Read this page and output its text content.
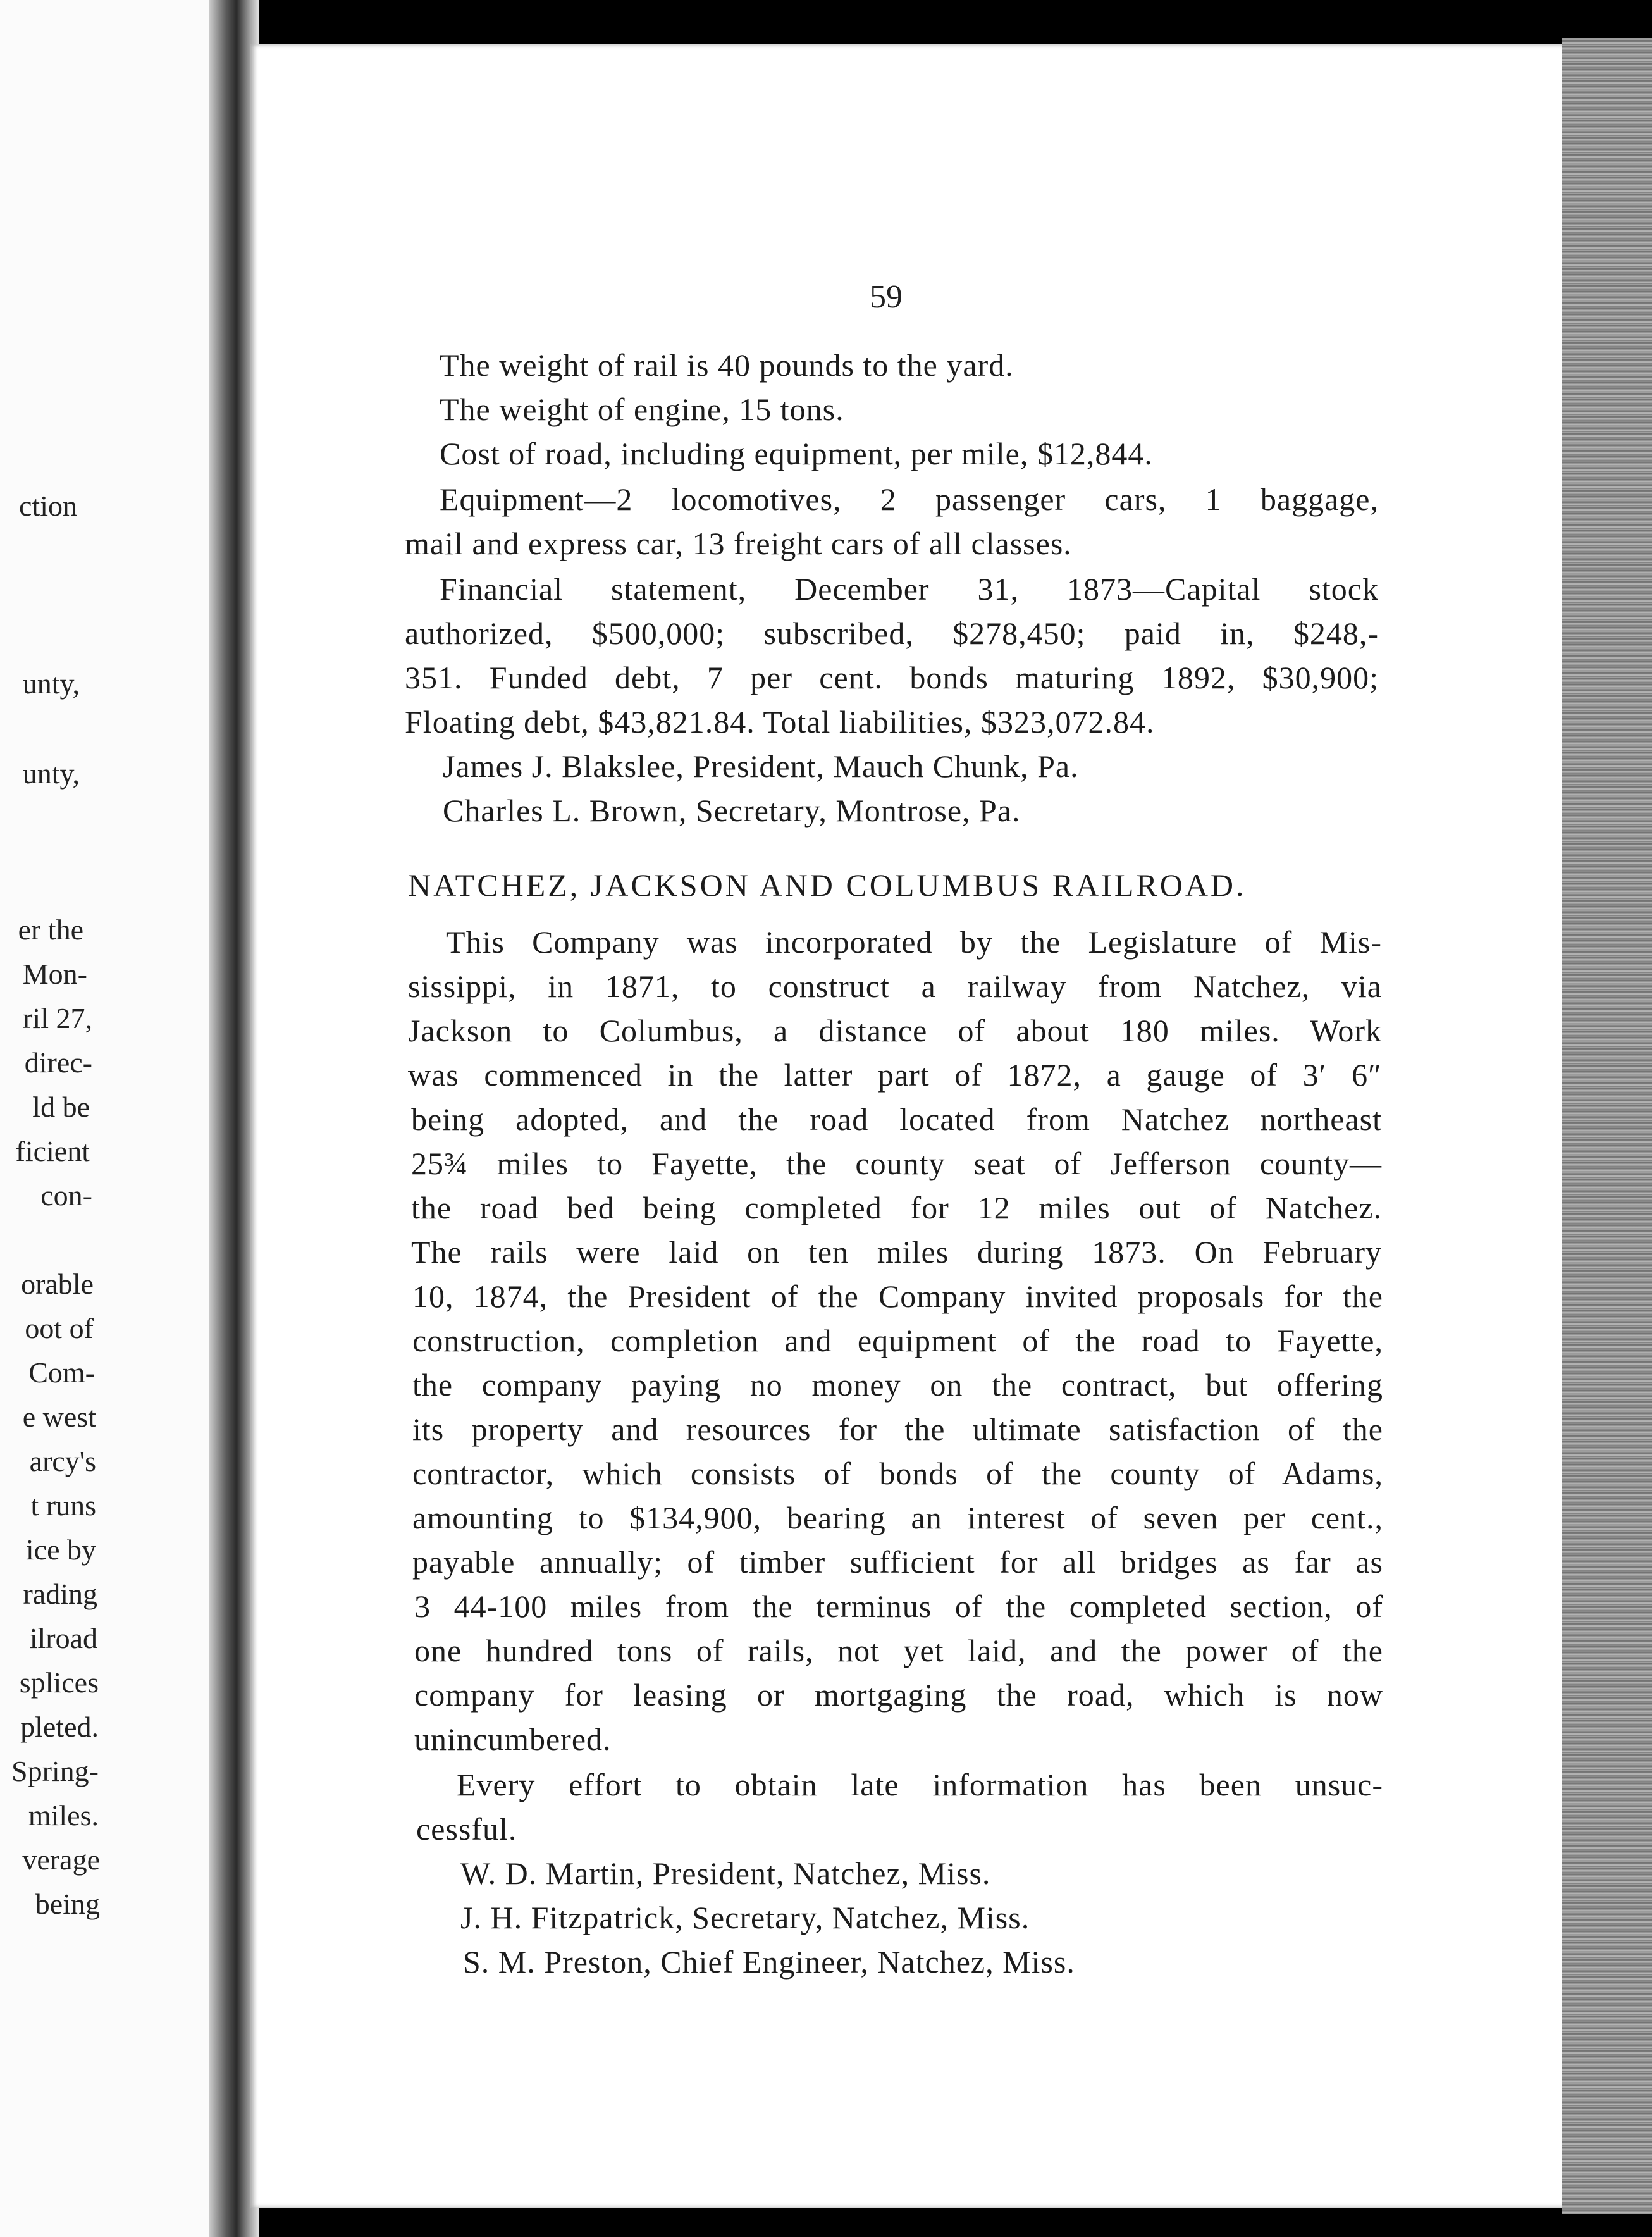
ction
unty,
unty,
er the
Mon-
ril 27,
direc-
ld be
ficient
con-
orable
oot of
Com-
e west
arcy's
t runs
ice by
rading
ilroad
splices
pleted.
Spring-
miles.
verage
being
59
The weight of rail is 40 pounds to the yard.
The weight of engine, 15 tons.
Cost of road, including equipment, per mile, $12,844.
Equipment—2 locomotives, 2 passenger cars, 1 baggage,
mail and express car, 13 freight cars of all classes.
Financial statement, December 31, 1873—Capital stock
authorized, $500,000; subscribed, $278,450; paid in, $248,-
351. Funded debt, 7 per cent. bonds maturing 1892, $30,900;
Floating debt, $43,821.84. Total liabilities, $323,072.84.
James J. Blakslee, President, Mauch Chunk, Pa.
Charles L. Brown, Secretary, Montrose, Pa.
NATCHEZ, JACKSON AND COLUMBUS RAILROAD.
This Company was incorporated by the Legislature of Mis-
sissippi, in 1871, to construct a railway from Natchez, via
Jackson to Columbus, a distance of about 180 miles. Work
was commenced in the latter part of 1872, a gauge of 3′ 6″
being adopted, and the road located from Natchez northeast
25¾ miles to Fayette, the county seat of Jefferson county—
the road bed being completed for 12 miles out of Natchez.
The rails were laid on ten miles during 1873. On February
10, 1874, the President of the Company invited proposals for the
construction, completion and equipment of the road to Fayette,
the company paying no money on the contract, but offering
its property and resources for the ultimate satisfaction of the
contractor, which consists of bonds of the county of Adams,
amounting to $134,900, bearing an interest of seven per cent.,
payable annually; of timber sufficient for all bridges as far as
3 44-100 miles from the terminus of the completed section, of
one hundred tons of rails, not yet laid, and the power of the
company for leasing or mortgaging the road, which is now
unincumbered.
Every effort to obtain late information has been unsuc-
cessful.
W. D. Martin, President, Natchez, Miss.
J. H. Fitzpatrick, Secretary, Natchez, Miss.
S. M. Preston, Chief Engineer, Natchez, Miss.
